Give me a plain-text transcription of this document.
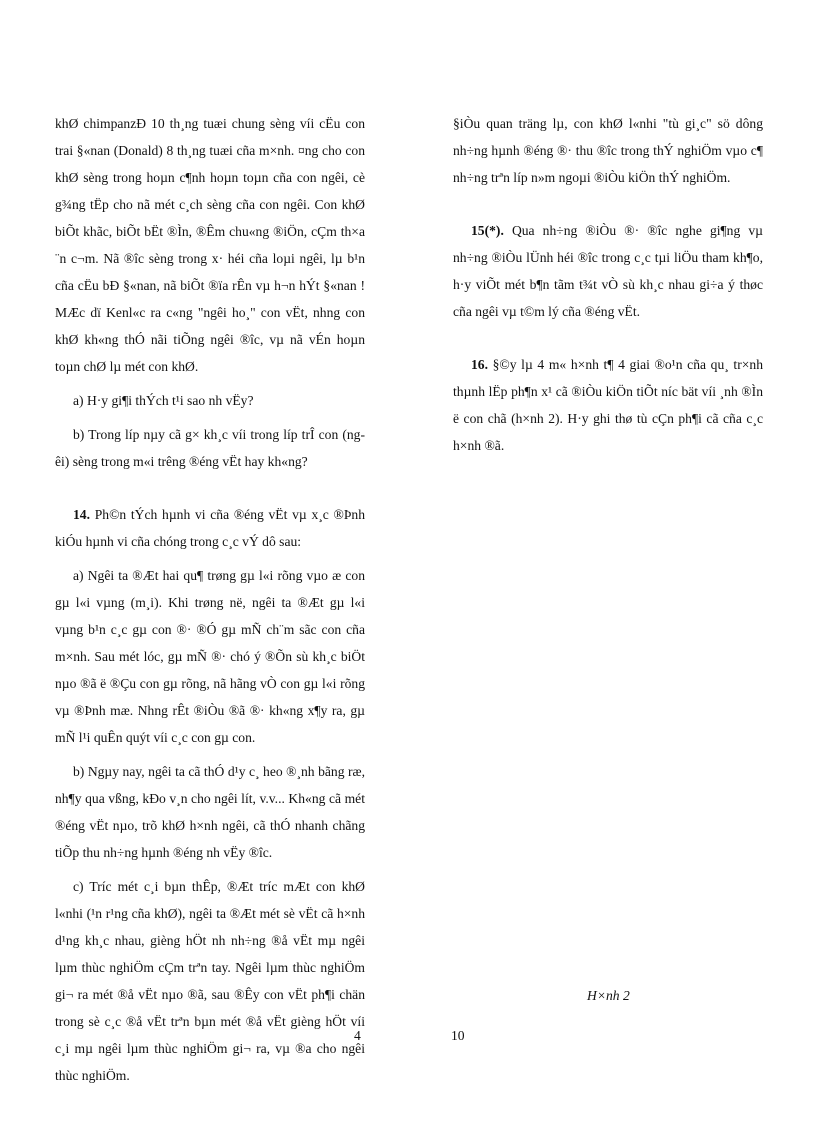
khØ chimpanzÐ 10 th¸ng tuæi chung sèng víi cËu con trai §«nan (Donald) 8 th¸ng tuæi cña m×nh. ¤ng cho con khØ sèng trong hoµn c¶nh hoµn toµn cña con ngêi, cè g¾ng tËp cho nã mét c¸ch sèng cña con ngêi. Con khØ biÕt khãc, biÕt bËt ®Ìn, ®Êm chu«ng ®iÖn, cÇm th×a ¨n c¬m. Nã ®îc sèng trong x· héi cña loµi ngêi, lµ b¹n cña cËu bÐ §«nan, nã biÕt ®ïa rÊn vµ h¬n hÝt §«nan ! MÆc dï Kenl«c ra c«ng "ngêi ho¸" con vËt, nhng con khØ kh«ng thÓ nãi tiÕng ngêi ®îc, vµ nã vÉn hoµn toµn chØ lµ mét con khØ.

a) H·y gi¶i thÝch t¹i sao nh vËy?

b) Trong líp nµy cã g× kh¸c víi trong líp trÎ con (ngêi) sèng trong m«i trêng ®éng vËt hay kh«ng?

14. Ph©n tÝch hµnh vi cña ®éng vËt vµ x¸c ®Þnh kiÓu hµnh vi cña chóng trong c¸c vÝ dô sau:

a) Ngêi ta ®Æt hai qu¶ trøng gµ l«i rõng vµo æ con gµ l«i vµng (m¸i). Khi trøng në, ngêi ta ®Æt gµ l«i vµng b¹n c¸c gµ con ®· ®Ó gµ mÑ ch¨m sãc con cña m×nh. Sau mét lóc, gµ mÑ ®· chó ý ®Õn sù kh¸c biÖt nµo ®ã ë ®Çu con gµ rõng, nã hãng vÒ con gµ l«i rõng vµ ®Þnh mæ. Nhng rÊt ®iÒu ®ã ®· kh«ng x¶y ra, gµ mÑ l¹i quÊn quýt víi c¸c con gµ con.

b) Ngµy nay, ngêi ta cã thÓ d¹y c¸ heo ®¸nh bãng ræ, nh¶y qua vßng, kÐo v¸n cho ngêi lít, v.v... Kh«ng cã mét ®éng vËt nµo, trõ khØ h×nh ngêi, cã thÓ nhanh chãng tiÕp thu nh÷ng hµnh ®éng nh vËy ®îc.

c) Tríc mét c¸i bµn thÊp, ®Æt tríc mÆt con khØ l«nhi (¹n r¹ng cña khØ), ngêi ta ®Æt mét sè vËt cã h×nh d¹ng kh¸c nhau, gièng hÖt nh nh÷ng ®å vËt mµ ngêi lµm thùc nghiÖm cÇm trªn tay. Ngêi lµm thùc nghiÖm gi¬ ra mét ®å vËt nµo ®ã, sau ®Êy con vËt ph¶i chän trong sè c¸c ®å vËt trªn bµn mét ®å vËt gièng hÖt víi c¸i mµ ngêi lµm thùc nghiÖm gi¬ ra, vµ ®a cho ngêi thùc nghiÖm.

§iÒu quan träng lµ, con khØ l«nhi "tù gi¸c" sö dông nh÷ng hµnh ®éng ®· thu ®îc trong thÝ nghiÖm vµo c¶ nh÷ng trªn líp n»m ngoµi ®iÒu kiÖn thÝ nghiÖm.

15(*). Qua nh÷ng ®iÒu ®· ®îc nghe gi¶ng vµ nh÷ng ®iÒu lÜnh héi ®îc trong c¸c tµi liÖu tham kh¶o, h·y viÕt mét b¶n tãm t¾t vÒ sù kh¸c nhau gi÷a ý thøc cña ngêi vµ t©m lý cña ®éng vËt.

16. §©y lµ 4 m« h×nh t¶ 4 giai ®o¹n cña qu¸ tr×nh thµnh lËp ph¶n x¹ cã ®iÒu kiÖn tiÕt níc bät víi ¸nh ®Ìn ë con chã (h×nh 2). H·y ghi thø tù cÇn ph¶i cã cña c¸c h×nh ®ã.

H×nh 2
4	10
